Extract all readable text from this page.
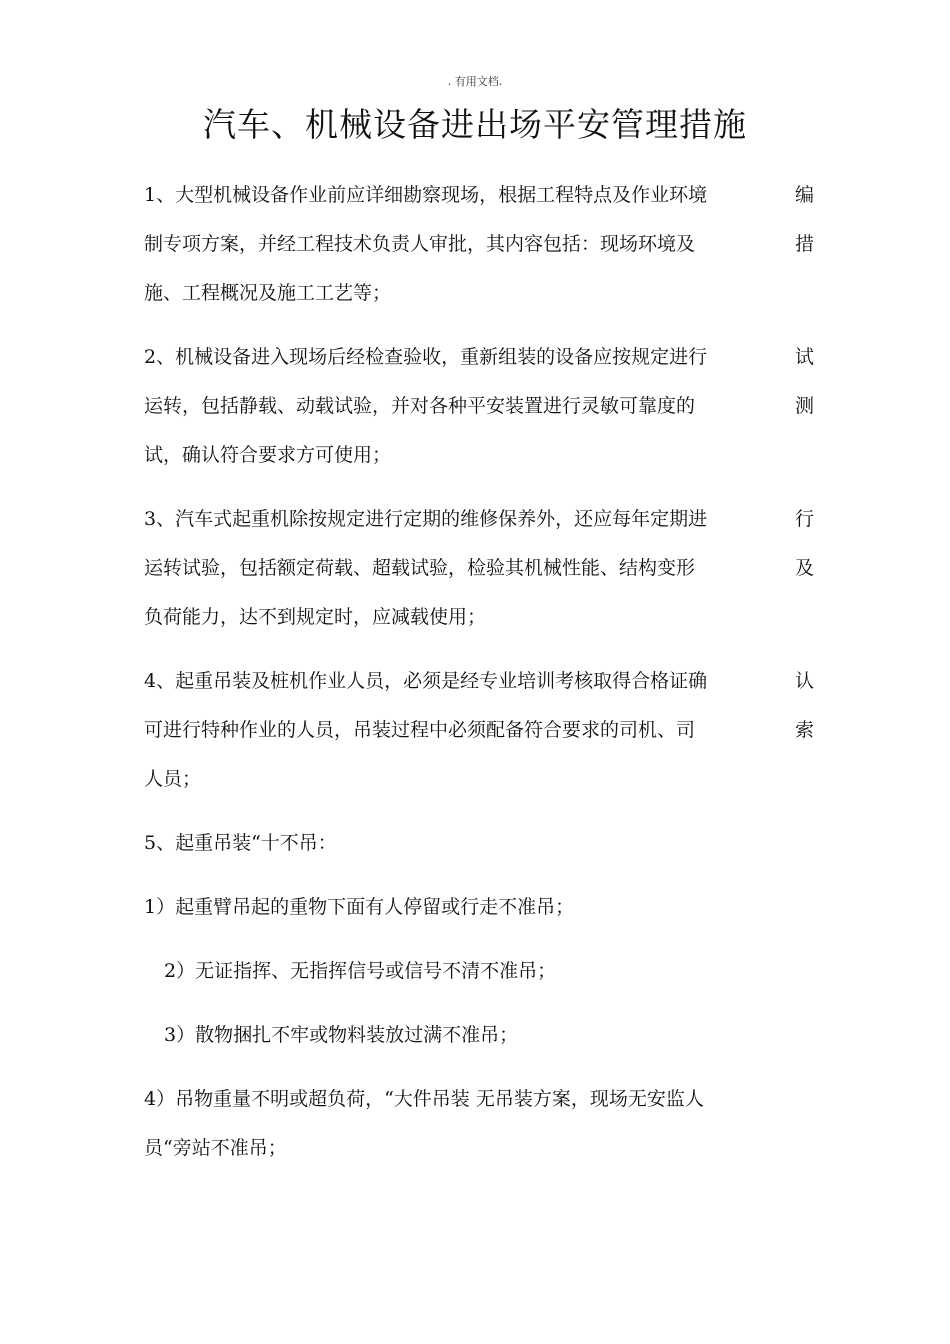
. 有用文档.
汽车、机械设备进出场平安管理措施
1、大型机械设备作业前应详细勘察现场，根据工程特点及作业环境	编
制专项方案，并经工程技术负责人审批，其内容包括：现场环境及	措
施、工程概况及施工工艺等；
2、机械设备进入现场后经检查验收，重新组装的设备应按规定进行	试
运转，包括静载、动载试验，并对各种平安装置进行灵敏可靠度的	测
试，确认符合要求方可使用；
3、汽车式起重机除按规定进行定期的维修保养外，还应每年定期进	行
运转试验，包括额定荷载、超载试验，检验其机械性能、结构变形	及
负荷能力，达不到规定时，应减载使用；
4、起重吊装及桩机作业人员，必须是经专业培训考核取得合格证确	认
可进行特种作业的人员，吊装过程中必须配备符合要求的司机、司	索
人员；
5、起重吊装“十不吊：
1）起重臂吊起的重物下面有人停留或行走不准吊；
2）无证指挥、无指挥信号或信号不清不准吊；
3）散物捆扎不牢或物料装放过满不准吊；
4）吊物重量不明或超负荷，“大件吊装 无吊装方案，现场无安监人
员“旁站不准吊；
